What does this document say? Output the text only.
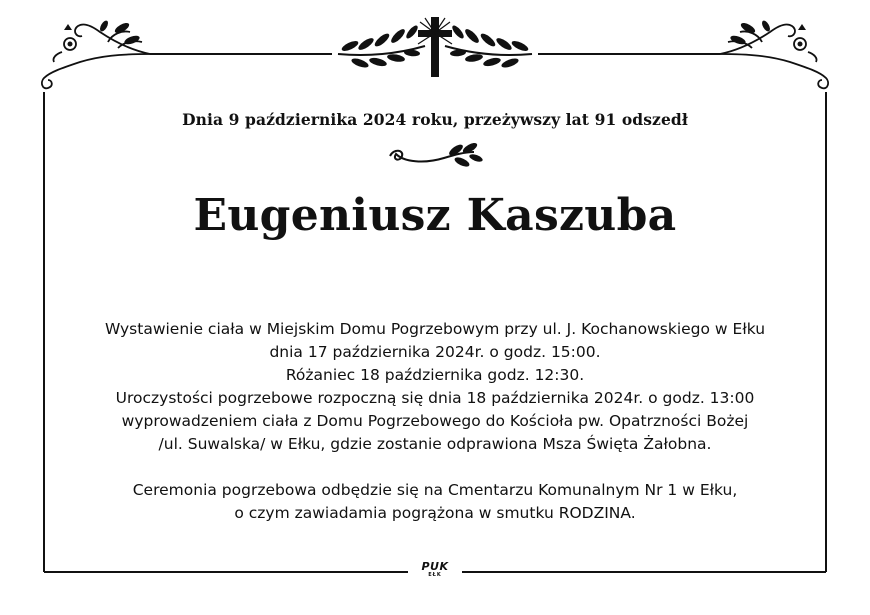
Dnia 9 października 2024 roku, przeżywszy lat 91 odszedł
Eugeniusz Kaszuba
Wystawienie ciała w Miejskim Domu Pogrzebowym przy ul. J. Kochanowskiego w Ełku
dnia 17 października 2024r. o godz. 15:00.
Różaniec 18 października godz. 12:30.
Uroczystości pogrzebowe rozpoczną się dnia 18 października 2024r. o godz. 13:00
wyprowadzeniem ciała z Domu Pogrzebowego do Kościoła pw. Opatrzności Bożej
/ul. Suwalska/ w Ełku, gdzie zostanie odprawiona Msza Święta Żałobna.
Ceremonia pogrzebowa odbędzie się na Cmentarzu Komunalnym Nr 1 w Ełku,
o czym zawiadamia pogrążona w smutku RODZINA.
PUK
EŁK
